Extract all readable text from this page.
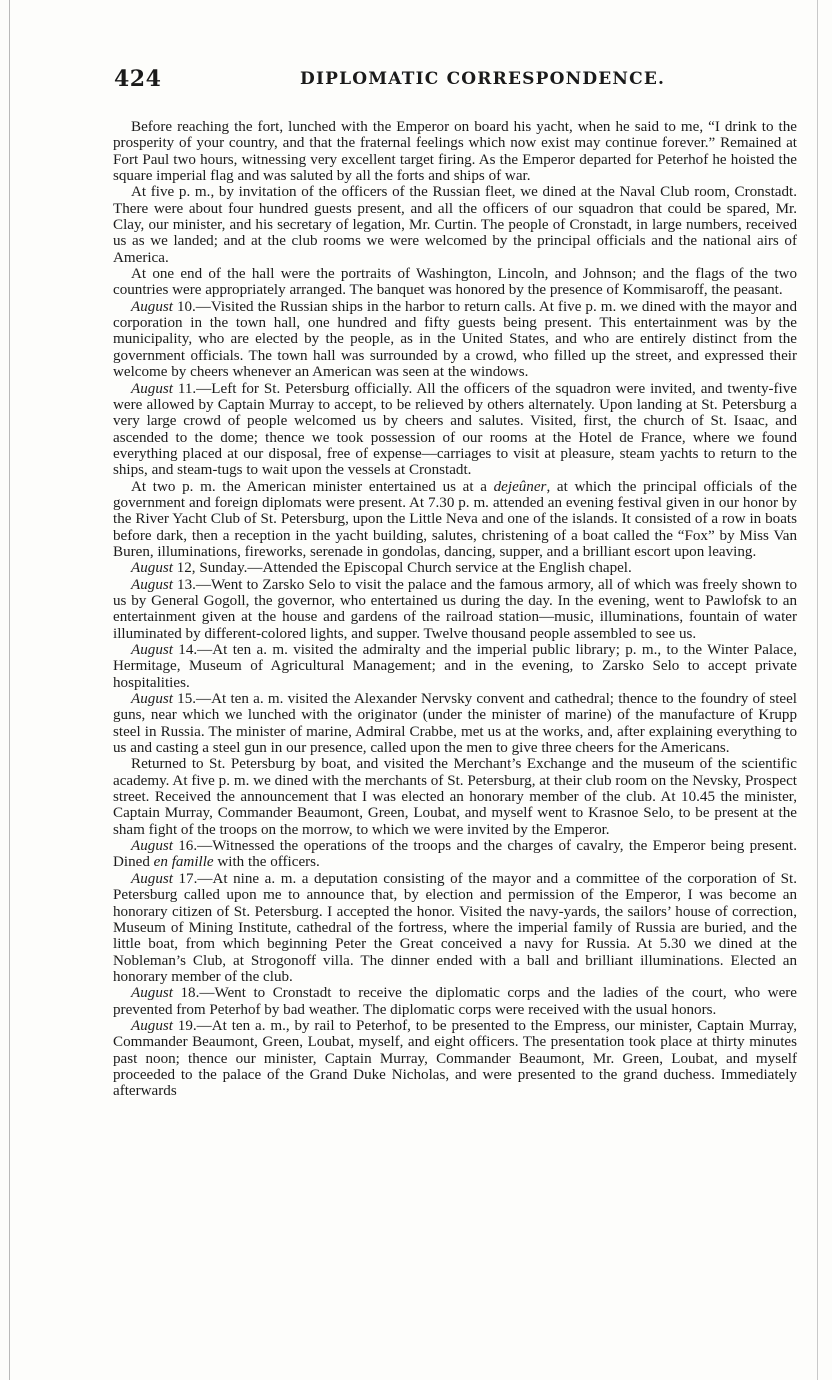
424	DIPLOMATIC CORRESPONDENCE.

Before reaching the fort, lunched with the Emperor on board his yacht, when he said to me, “I drink to the prosperity of your country, and that the fraternal feelings which now exist may continue forever.” Remained at Fort Paul two hours, witnessing very excellent target firing. As the Emperor departed for Peterhof he hoisted the square imperial flag and was saluted by all the forts and ships of war.

At five p. m., by invitation of the officers of the Russian fleet, we dined at the Naval Club room, Cronstadt. There were about four hundred guests present, and all the officers of our squadron that could be spared, Mr. Clay, our minister, and his secretary of legation, Mr. Curtin. The people of Cronstadt, in large numbers, received us as we landed; and at the club rooms we were welcomed by the principal officials and the national airs of America.

At one end of the hall were the portraits of Washington, Lincoln, and Johnson; and the flags of the two countries were appropriately arranged. The banquet was honored by the presence of Kommisaroff, the peasant.

August 10.—Visited the Russian ships in the harbor to return calls. At five p. m. we dined with the mayor and corporation in the town hall, one hundred and fifty guests being present. This entertainment was by the municipality, who are elected by the people, as in the United States, and who are entirely distinct from the government officials. The town hall was surrounded by a crowd, who filled up the street, and expressed their welcome by cheers whenever an American was seen at the windows.

August 11.—Left for St. Petersburg officially. All the officers of the squadron were invited, and twenty-five were allowed by Captain Murray to accept, to be relieved by others alternately. Upon landing at St. Petersburg a very large crowd of people welcomed us by cheers and salutes. Visited, first, the church of St. Isaac, and ascended to the dome; thence we took possession of our rooms at the Hotel de France, where we found everything placed at our disposal, free of expense—carriages to visit at pleasure, steam yachts to return to the ships, and steam-tugs to wait upon the vessels at Cronstadt.

At two p. m. the American minister entertained us at a dejeûner, at which the principal officials of the government and foreign diplomats were present. At 7.30 p. m. attended an evening festival given in our honor by the River Yacht Club of St. Petersburg, upon the Little Neva and one of the islands. It consisted of a row in boats before dark, then a reception in the yacht building, salutes, christening of a boat called the “Fox” by Miss Van Buren, illuminations, fireworks, serenade in gondolas, dancing, supper, and a brilliant escort upon leaving.

August 12, Sunday.—Attended the Episcopal Church service at the English chapel.

August 13.—Went to Zarsko Selo to visit the palace and the famous armory, all of which was freely shown to us by General Gogoll, the governor, who entertained us during the day. In the evening, went to Pawlofsk to an entertainment given at the house and gardens of the railroad station—music, illuminations, fountain of water illuminated by different-colored lights, and supper. Twelve thousand people assembled to see us.

August 14.—At ten a. m. visited the admiralty and the imperial public library; p. m., to the Winter Palace, Hermitage, Museum of Agricultural Management; and in the evening, to Zarsko Selo to accept private hospitalities.

August 15.—At ten a. m. visited the Alexander Nervsky convent and cathedral; thence to the foundry of steel guns, near which we lunched with the originator (under the minister of marine) of the manufacture of Krupp steel in Russia. The minister of marine, Admiral Crabbe, met us at the works, and, after explaining everything to us and casting a steel gun in our presence, called upon the men to give three cheers for the Americans.

Returned to St. Petersburg by boat, and visited the Merchant’s Exchange and the museum of the scientific academy. At five p. m. we dined with the merchants of St. Petersburg, at their club room on the Nevsky, Prospect street. Received the announcement that I was elected an honorary member of the club. At 10.45 the minister, Captain Murray, Commander Beaumont, Green, Loubat, and myself went to Krasnoe Selo, to be present at the sham fight of the troops on the morrow, to which we were invited by the Emperor.

August 16.—Witnessed the operations of the troops and the charges of cavalry, the Emperor being present. Dined en famille with the officers.

August 17.—At nine a. m. a deputation consisting of the mayor and a committee of the corporation of St. Petersburg called upon me to announce that, by election and permission of the Emperor, I was become an honorary citizen of St. Petersburg. I accepted the honor. Visited the navy-yards, the sailors’ house of correction, Museum of Mining Institute, cathedral of the fortress, where the imperial family of Russia are buried, and the little boat, from which beginning Peter the Great conceived a navy for Russia. At 5.30 we dined at the Nobleman’s Club, at Strogonoff villa. The dinner ended with a ball and brilliant illuminations. Elected an honorary member of the club.

August 18.—Went to Cronstadt to receive the diplomatic corps and the ladies of the court, who were prevented from Peterhof by bad weather. The diplomatic corps were received with the usual honors.

August 19.—At ten a. m., by rail to Peterhof, to be presented to the Empress, our minister, Captain Murray, Commander Beaumont, Green, Loubat, myself, and eight officers. The presentation took place at thirty minutes past noon; thence our minister, Captain Murray, Commander Beaumont, Mr. Green, Loubat, and myself proceeded to the palace of the Grand Duke Nicholas, and were presented to the grand duchess. Immediately afterwards
